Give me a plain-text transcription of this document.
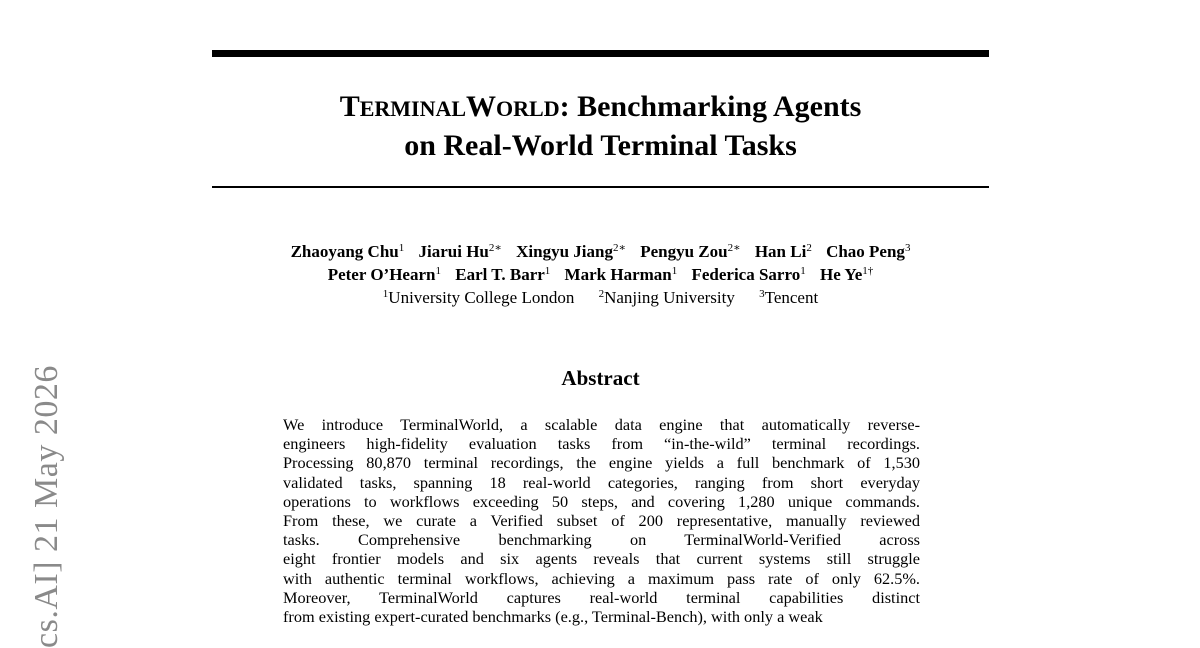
TERMINALWORLD: Benchmarking Agents
on Real-World Terminal Tasks
Zhaoyang Chu$^1$ Jiarui $Hu^{2∗}$ Xingyu Jiang$^{2∗}$ Pengyu Zou$^{2∗}$ Han Li$^2$ Chao Peng$^3$
Peter O’Hearn$^1$ Earl T. Barr$^1$ Mark Harman$^1$ Federica Sarro$^1$ He $Ye^{1\dagger}$
$^1$University College London $^2$Nanjing University $^3$Tencent
Abstract
We introduce TerminalWorld, a scalable data engine that automatically reverse-
engineers high-fidelity evaluation tasks from “in-the-wild” terminal recordings.
Processing 80,870 terminal recordings, the engine yields a full benchmark of 1,530
validated tasks, spanning 18 real-world categories, ranging from short everyday
operations to workflows exceeding 50 steps, and covering 1,280 unique commands.
From these, we curate a Verified subset of 200 representative, manually reviewed
tasks. Comprehensive benchmarking on TerminalWorld-Verified across
eight frontier models and six agents reveals that current systems still struggle
with authentic terminal workflows, achieving a maximum pass rate of only 62.5%.
Moreover, TerminalWorld captures real-world terminal capabilities distinct
from existing expert-curated benchmarks (e.g., Terminal-Bench), with only a weak
cs.AI] 21 May 2026
